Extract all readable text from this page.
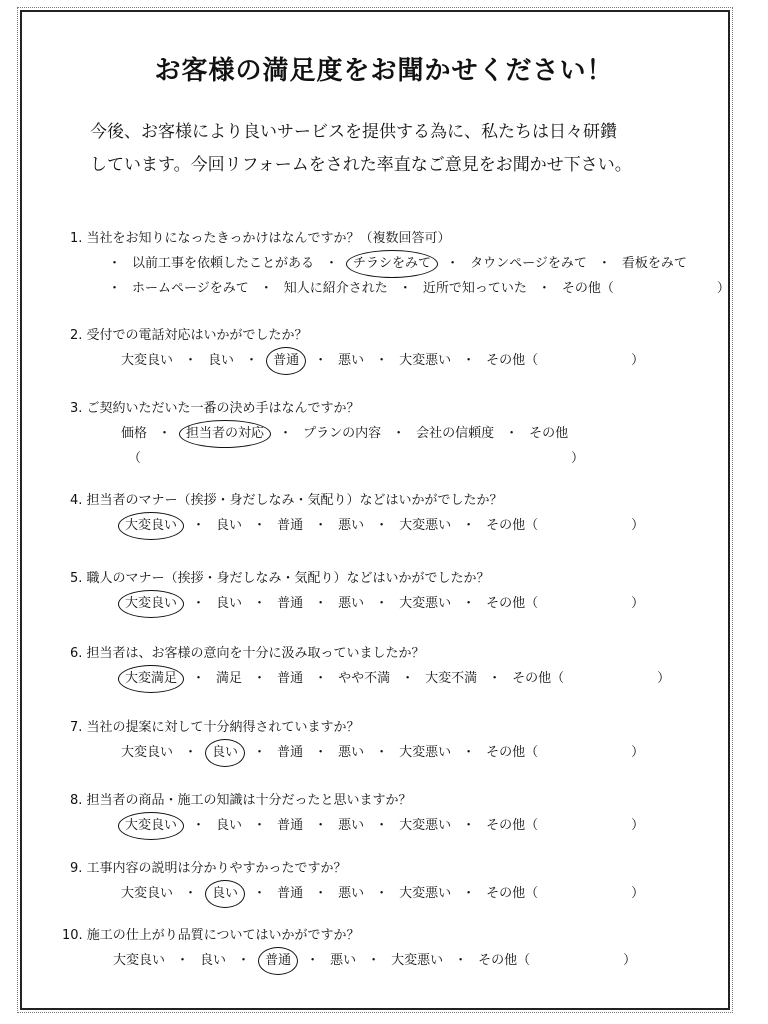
お客様の満足度をお聞かせください！
今後、お客様により良いサービスを提供する為に、私たちは日々研鑽
しています。今回リフォームをされた率直なご意見をお聞かせ下さい。
1. 当社をお知りになったきっかけはなんですか？（複数回答可）
・ 以前工事を依頼したことがある ・ チラシをみて ・ タウンページをみて ・ 看板をみて
・ ホームページをみて ・ 知人に紹介された ・ 近所で知っていた ・ その他（	）
2. 受付での電話対応はいかがでしたか？
大変良い ・ 良い ・ 普通 ・ 悪い ・ 大変悪い ・ その他（	）
3. ご契約いただいた一番の決め手はなんですか？
価格 ・ 担当者の対応 ・ プランの内容 ・ 会社の信頼度 ・ その他
（	）
4. 担当者のマナー（挨拶・身だしなみ・気配り）などはいかがでしたか？
大変良い ・ 良い ・ 普通 ・ 悪い ・ 大変悪い ・ その他（	）
5. 職人のマナー（挨拶・身だしなみ・気配り）などはいかがでしたか？
大変良い ・ 良い ・ 普通 ・ 悪い ・ 大変悪い ・ その他（	）
6. 担当者は、お客様の意向を十分に汲み取っていましたか？
大変満足 ・ 満足 ・ 普通 ・ やや不満 ・ 大変不満 ・ その他（	）
7. 当社の提案に対して十分納得されていますか？
大変良い ・ 良い ・ 普通 ・ 悪い ・ 大変悪い ・ その他（	）
8. 担当者の商品・施工の知識は十分だったと思いますか？
大変良い ・ 良い ・ 普通 ・ 悪い ・ 大変悪い ・ その他（	）
9. 工事内容の説明は分かりやすかったですか？
大変良い ・ 良い ・ 普通 ・ 悪い ・ 大変悪い ・ その他（	）
10. 施工の仕上がり品質についてはいかがですか？
大変良い ・ 良い ・ 普通 ・ 悪い ・ 大変悪い ・ その他（	）
